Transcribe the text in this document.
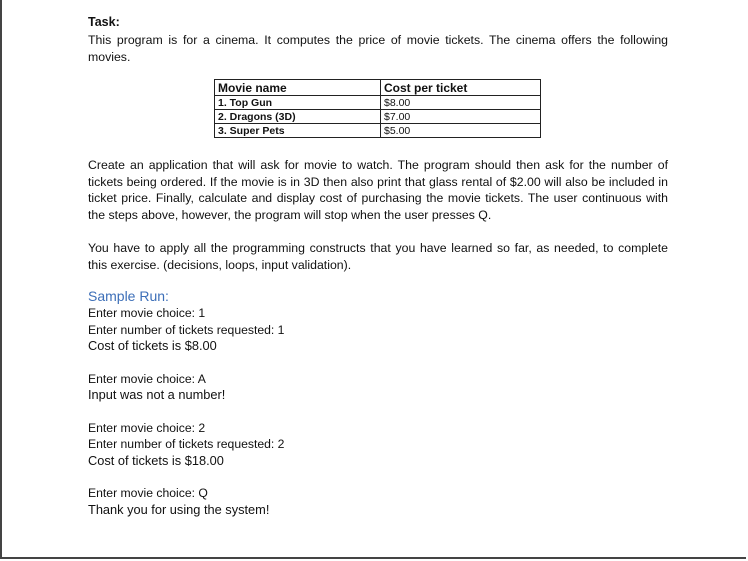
Task:

This program is for a cinema. It computes the price of movie tickets. The cinema offers the following movies.

Movie name	Cost per ticket
1. Top Gun	$8.00
2. Dragons (3D)	$7.00
3. Super Pets	$5.00

Create an application that will ask for movie to watch. The program should then ask for the number of tickets being ordered. If the movie is in 3D then also print that glass rental of $2.00 will also be included in ticket price. Finally, calculate and display cost of purchasing the movie tickets. The user continuous with the steps above, however, the program will stop when the user presses Q.

You have to apply all the programming constructs that you have learned so far, as needed, to complete this exercise. (decisions, loops, input validation).

Sample Run:
Enter movie choice: 1
Enter number of tickets requested: 1
Cost of tickets is $8.00
Enter movie choice: A
Input was not a number!
Enter movie choice: 2
Enter number of tickets requested: 2
Cost of tickets is $18.00
Enter movie choice: Q
Thank you for using the system!
